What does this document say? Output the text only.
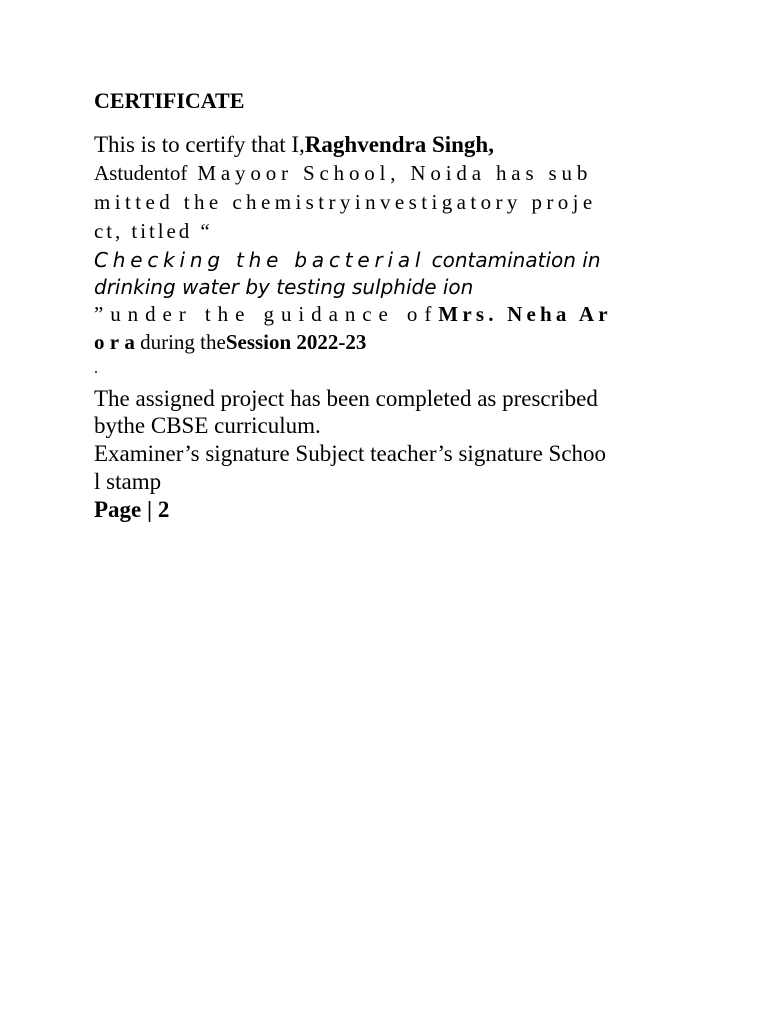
CERTIFICATE

This is to certify that I,Raghvendra Singh,

Astudentof Mayoor School, Noida has sub

mitted the chemistryinvestigatory proje

ct, titled “

Checking the bacterial contamination in

drinking water by testing sulphide ion

”under the guidance ofMrs. Neha Ar

oraduring theSession 2022-23

.

The assigned project has been completed as prescribed

bythe CBSE curriculum.

Examiner’s signature Subject teacher’s signature Schoo

l stamp

Page | 2
